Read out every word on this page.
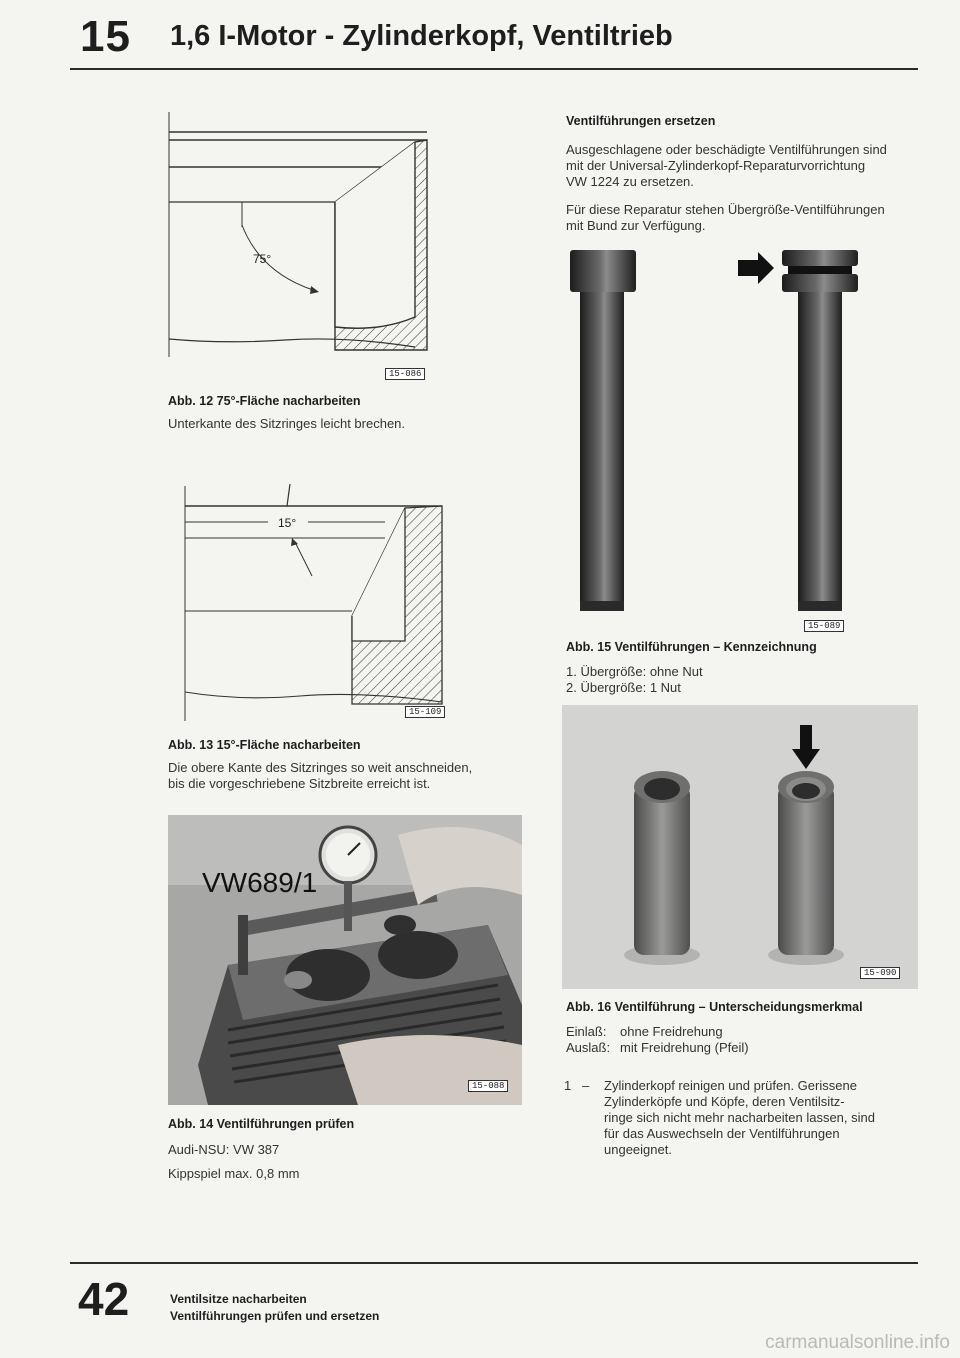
15 1,6 I-Motor - Zylinderkopf, Ventiltrieb
75°
15-086
Abb. 12 75°-Fläche nacharbeiten
Unterkante des Sitzringes leicht brechen.
15°
15-109
Abb. 13 15°-Fläche nacharbeiten
Die obere Kante des Sitzringes so weit anschneiden,
bis die vorgeschriebene Sitzbreite erreicht ist.
VW689/1
15-088
Abb. 14 Ventilführungen prüfen
Audi-NSU: VW 387
Kippspiel max. 0,8 mm
Ventilführungen ersetzen
Ausgeschlagene oder beschädigte Ventilführungen sind
mit der Universal-Zylinderkopf-Reparaturvorrichtung
VW 1224 zu ersetzen.
Für diese Reparatur stehen Übergröße-Ventilführungen
mit Bund zur Verfügung.
15-089
Abb. 15 Ventilführungen – Kennzeichnung
1. Übergröße: ohne Nut
2. Übergröße: 1 Nut
15-090
Abb. 16 Ventilführung – Unterscheidungsmerkmal
Einlaß: ohne Freidrehung
Auslaß: mit Freidrehung (Pfeil)
1 – Zylinderkopf reinigen und prüfen. Gerissene
Zylinderköpfe und Köpfe, deren Ventilsitz-
ringe sich nicht mehr nacharbeiten lassen, sind
für das Auswechseln der Ventilführungen
ungeeignet.
42	Ventilsitze nacharbeiten
Ventilführungen prüfen und ersetzen
carmanualsonline.info
